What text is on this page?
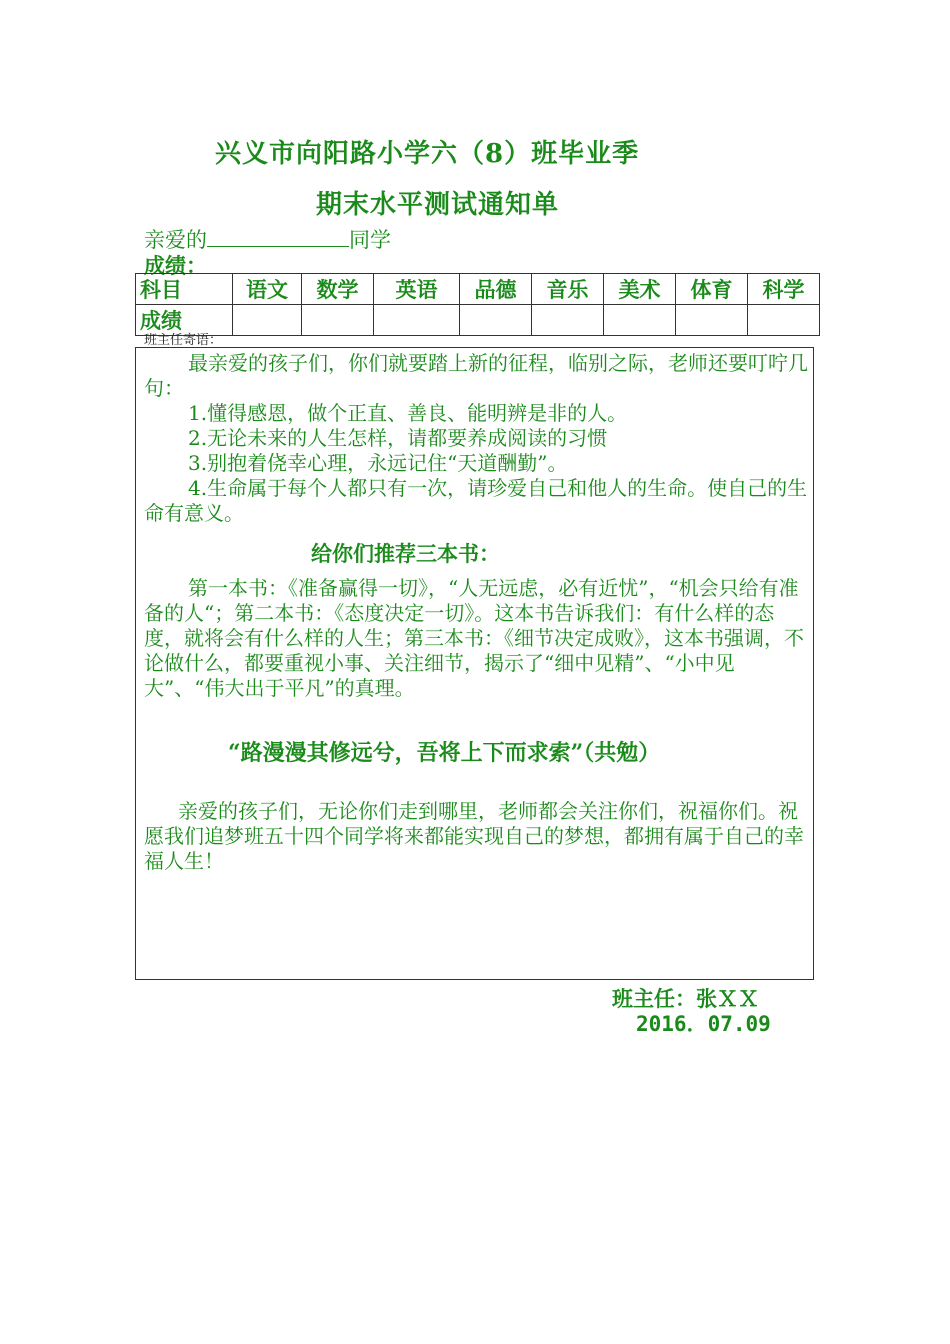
兴义市向阳路小学六（8）班毕业季
期末水平测试通知单
亲爱的	同学
成绩：
科目	语文	数学	英语	品德	音乐	美术	体育	科学
成绩								
班主任寄语：
最亲爱的孩子们，你们就要踏上新的征程，临别之际，老师还要叮咛几句：
1.懂得感恩，做个正直、善良、能明辨是非的人。
2.无论未来的人生怎样，请都要养成阅读的习惯
3.别抱着侥幸心理，永远记住“天道酬勤”。
4.生命属于每个人都只有一次，请珍爱自己和他人的生命。使自己的生命有意义。
给你们推荐三本书：
第一本书：《准备赢得一切》，“人无远虑，必有近忧”，“机会只给有准备的人“；第二本书：《态度决定一切》。这本书告诉我们：有什么样的态度，就将会有什么样的人生；第三本书：《细节决定成败》，这本书强调，不论做什么，都要重视小事、关注细节，揭示了“细中见精”、“小中见大”、“伟大出于平凡”的真理。
“路漫漫其修远兮，吾将上下而求索”（共勉）
亲爱的孩子们，无论你们走到哪里，老师都会关注你们，祝福你们。祝愿我们追梦班五十四个同学将来都能实现自己的梦想，都拥有属于自己的幸福人生！
班主任：张ＸＸ
2016．07.09
